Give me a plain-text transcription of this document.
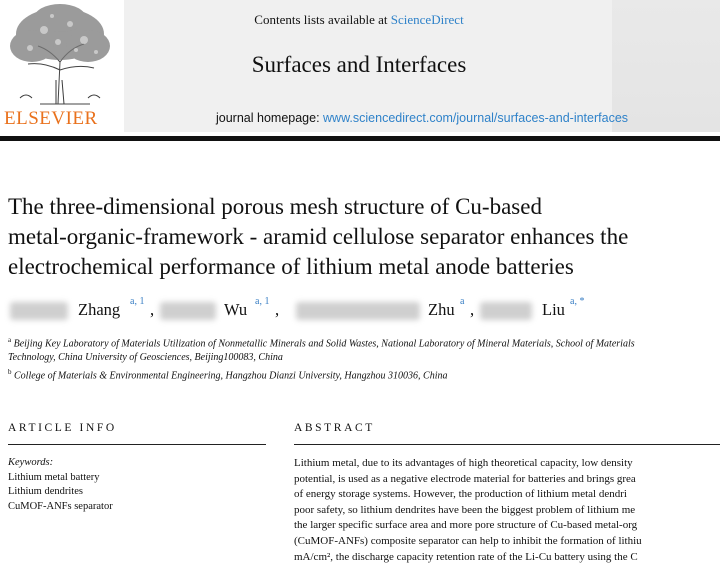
ELSEVIER
Contents lists available at ScienceDirect
Surfaces and Interfaces
journal homepage: www.sciencedirect.com/journal/surfaces-and-interfaces
The three-dimensional porous mesh structure of Cu-based
metal-organic-framework - aramid cellulose separator enhances the
electrochemical performance of lithium metal anode batteries
Zhang a, 1 ,	Wu a, 1 ,	Zhu a ,	Liu a, *
$^a$ Beijing Key Laboratory of Materials Utilization of Nonmetallic Minerals and Solid Wastes, National Laboratory of Mineral Materials, School of Materials
Technology, China University of Geosciences, Beijing100083, China
$^b$ College of Materials & Environmental Engineering, Hangzhou Dianzi University, Hangzhou 310036, China
ARTICLE INFO
Keywords:
Lithium metal battery
Lithium dendrites
CuMOF-ANFs separator
ABSTRACT
Lithium metal, due to its advantages of high theoretical capacity, low density
potential, is used as a negative electrode material for batteries and brings grea
of energy storage systems. However, the production of lithium metal dendri
poor safety, so lithium dendrites have been the biggest problem of lithium me
the larger specific surface area and more pore structure of Cu-based metal-org
(CuMOF-ANFs) composite separator can help to inhibit the formation of lithiu
mA/cm², the discharge capacity retention rate of the Li-Cu battery using the C
